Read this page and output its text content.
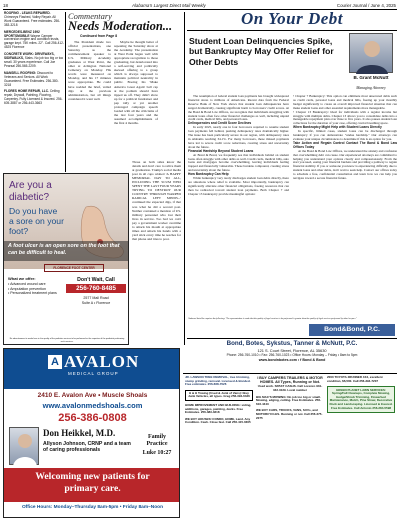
18	Alabama's Largest Direct Mail Weekly	Courier Journal / June 4, 2025
ROOFING - LEAKS REPAIRED. Chimneys Flashed, Valley Repair. All Work Guaranteed. Free estimates. 256-383-3218
MERCEDES-BENZ 1992 SPORTSMOBILE Wayne Camper conversion engine and condition trusts, garage kept. 75K miles. 22". Call 256-412-4525 Florence
CONCRETE WORK: DRIVEWAYS, SIDEWALKS, Slabs. No job too big or too small. 30 years experience. Call Joe Pearsal 256-565-2209.
MANSELL ROOFING: Discount to Veterans and Seniors. All Work Guaranteed. Free Estimates. 256-380-3218
FLORES HOME REPAIR, LLC. Ceiling repair, Drywall, Painting, Flooring, Carpentry. Fully Licensed & Insured. 256-605-3887 or 256-443-3663
Are you a diabetic?
Do you have a sore on your foot?
A foot ulcer is an open sore on the foot that can be difficult to heal.
FLORENCE FOOT CENTER
What we offer:
• Advanced wound care
• Amputation prevention
• Personalized treatment plans
Don't Wait, Call
256-760-8485
2577 Mall Road
Suite A • Florence
No advertisement is made here in the quality of the podiatric services to be performed or the expertise of the podiatrist performing such services.
Commentary
Needs Moderation...
Continued from Page 8

The President made two official presentations, one Saturday as the commencement speaker to U.S. Military Academy graduates at West Point, the other at Arlington National Cemetery on Monday. His words were measured on Monday, and his 17 minutes were appropriate. He could have nodded the brief, veiled digs at the previous administration, but all things considered it went well.

Maybe he thought better of repeating the Saturday show at the Academy. The presentation at West Point began well with appropriate recognition to those graduating, but deteriorated into a self-serving and politically skewed offering to a group which is always supposed to maintain political neutrality in public. Booing his 'Make America Great Again' ball cap at the podium should have tipped us off. They didn't show up for a political fundraiser and pep rally or yet another prolonged campaign speech loaded with all the criticisms of the last four years and the assumed accomplishments of the first 4 months.

Those on both sides know the details and don't care to relive them at graduation. Trump's social media post in all caps wished 'A HAPPY MEMORIAL DAY TO ALL, INCLUDING THE SCUM WHO SPENT THE LAST FOUR YEARS TRYING TO DESTROY OUR COUNTRY THROUGH WARPED RADICAL LEFT MINDS...' continued the expected digs, if that was what he did a second post. Neither contained a mention of US. military personnel who lost their lives in service. Too bad we can't pay a government worker overtime to smack his mouth at appropriate times and smack his hands with a yard stick every time he reaches for that phone and tries to post.

On Your Debt
Student Loan Delinquencies Spike, but Bankruptcy May Offer Relief for Other Debts
B. Grant McNutt
Managing Attorney

The resumption of federal student loan payments has brought widespread financial stress to millions of Americans. Recent data from the Federal Reserve Bank of New York shows that student loan delinquencies have surged dramatically, causing significant harm to borrowers' credit scores. At the Bond & Bond Law Offices, we recognize that individuals struggling with student loans often face other financial challenges as well, including unpaid credit cards, medical bills, and personal loans.

Delinquencies and Credit Score Declines

In early 2025, nearly one in four borrowers required to resume student loan payments fell behind, pushing delinquency rates dramatically higher. The issue has been particularly severe in our region, with delinquency rates in Alabama reaching 34.1%. For many borrowers, these missed payments have led to severe credit score reductions, creating stress and uncertainty about the future.

Financial Hardship Beyond Student Loans

At Bond & Bond, we frequently see that individuals behind on student loans often struggle with other debts as well. Credit cards, medical bills, auto loans and mortgages become overwhelming, leaving individuals feeling trapped and financially vulnerable. These burdens compound, creating stress and uncertainty about the future.

How Bankruptcy Can Help

While bankruptcy very rarely discharges student loan debts directly, there are situations where relief is available. Most importantly, bankruptcy can significantly alleviate other financial obligations, freeing resources that can then be redirected toward student loan payments. Both Chapter 7 and Chapter 13 bankruptcy provide meaningful options:

• Chapter 7 Bankruptcy: This option can eliminate most unsecured debts such as credit cards, personal loans and medical bills, freeing up your monthly budget significantly to create an overall improved financial situation that can make student loans and other essential requirements more manageable.
• Chapter 13 Bankruptcy: Ideal for individuals with a regular income but struggle with multiple debts. Chapter 13 allows you to consolidate debts into a manageable repayment plan over three to five years. It also pauses student loan collections for the duration of your case, offering crucial breathing space.

When Bankruptcy Might Help with Student Loans Directly

In specific, limited cases, student loans can be discharged through bankruptcy if you can demonstrate "undue hardship." Our attorneys can evaluate your unique circumstances to determine if this is an option for you.

Take Action and Regain Control Contact The Bond & Bond Law Offices Today

At the Bond & Bond Law Offices, we understand the anxiety and confusion that overwhelming debt can cause. Our experienced attorneys are committed to helping you understand your options clearly and compassionately. From the start you need, easing your financial burdens and providing a pathway to regain financial stability. If you or someone you know is experiencing difficulty due to student loans and other debts, don't wait to seek help. Contact our offices today to schedule a free, confidential consultation and learn how we can help you navigate toward a secure financial future.

Alabama State Bar requires the following: "No representation is made that the quality of legal services to be performed is greater than the quality of legal services performed by other lawyers."
Bond&Bond, P.C.
Bond, Botes, Sykstus, Tanner & McNutt, P.C.
121 S. Court Street, Florence, AL 35630
Phone: 256-760-1010 • Fax: 256-760-1023 • Office Hours: Monday – Friday • 8am to 5pm
www.bondnbotes.com • f Bond & Bond
A AVALON
MEDICAL GROUP
2410 E. Avalon Ave • Muscle Shoals
www.avalonmedshoals.com
256-386-0808
Don Heikkel, M.D.
Allyson Johnson, CRNP and a team of caring professionals
Family Practice
Luke 10:27
Welcoming new patients for primary care.
Office Hours: Monday–Thursday 8am-5pm • Friday 8am–Noon
JR. LAWSON TREE REMOVAL, tree trimming, stump grinding, removal. Licensed & Bonded. Free estimates. 256-668-7026
H & H Towing (Used & Junk of Vans) I Buy Junk Vehicles, all types. Greg 256-394-6346
HOME IMPROVEMENT AND BUILDING: siding, additions, garages, painting, decks. Free Estimates. 256-383-3218
WE BUY HOUSES! CONDO, HOME, Land. Any Condition. Cash. Close fast. Call 256-415-0305
I BUY CAMPERS TRAILERS & MOTOR HOMES. All Types, Running or Not.
Used work. SPAST CASHS. Call Lorenzo 931-342-3129. Local number
BIG MAC'S MOWING: No job too big or small. Mowing, edging, cutting. Free Estimates. 256-616-4443
WE BUY CARS, TRUCKS, VANS, SUVs, and MOTORCYCLES. Running or not. Call 256-275-2275
2000 TOYOTA 4RUNNER 4X4, excellent condition, $6,500. Call 256-394-7207
GREEN PLANET LAWN SERVICES: Spring/Fall Cleanups, Complete Mowing, Hedge/Shrub Trimming, Flowerbed Maintenance, Mulch, Pine Straw, Decorative Rock and Landscaping. Licensed & Insured. Free Estimates. Call Antonio 256-284-5598
